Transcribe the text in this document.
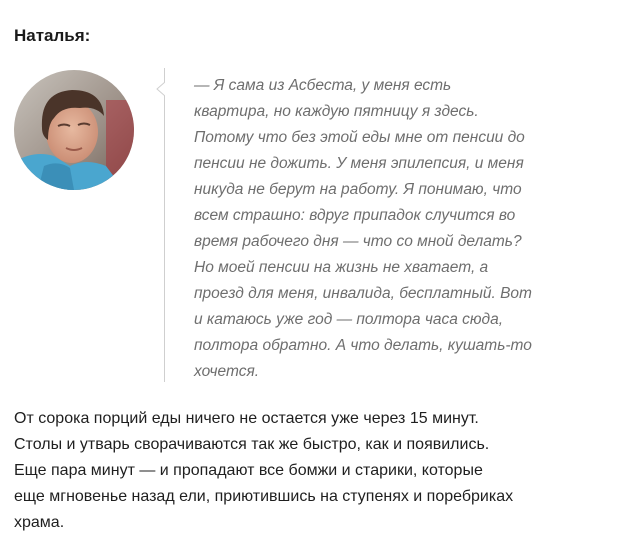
Наталья:
— Я сама из Асбеста, у меня есть
квартира, но каждую пятницу я здесь.
Потому что без этой еды мне от пенсии до
пенсии не дожить. У меня эпилепсия, и меня
никуда не берут на работу. Я понимаю, что
всем страшно: вдруг припадок случится во
время рабочего дня — что со мной делать?
Но моей пенсии на жизнь не хватает, а
проезд для меня, инвалида, бесплатный. Вот
и катаюсь уже год — полтора часа сюда,
полтора обратно. А что делать, кушать-то
хочется.

От сорока порций еды ничего не остается уже через 15 минут.
Столы и утварь сворачиваются так же быстро, как и появились.
Еще пара минут — и пропадают все бомжи и старики, которые
еще мгновенье назад ели, приютившись на ступенях и поребриках
храма.
